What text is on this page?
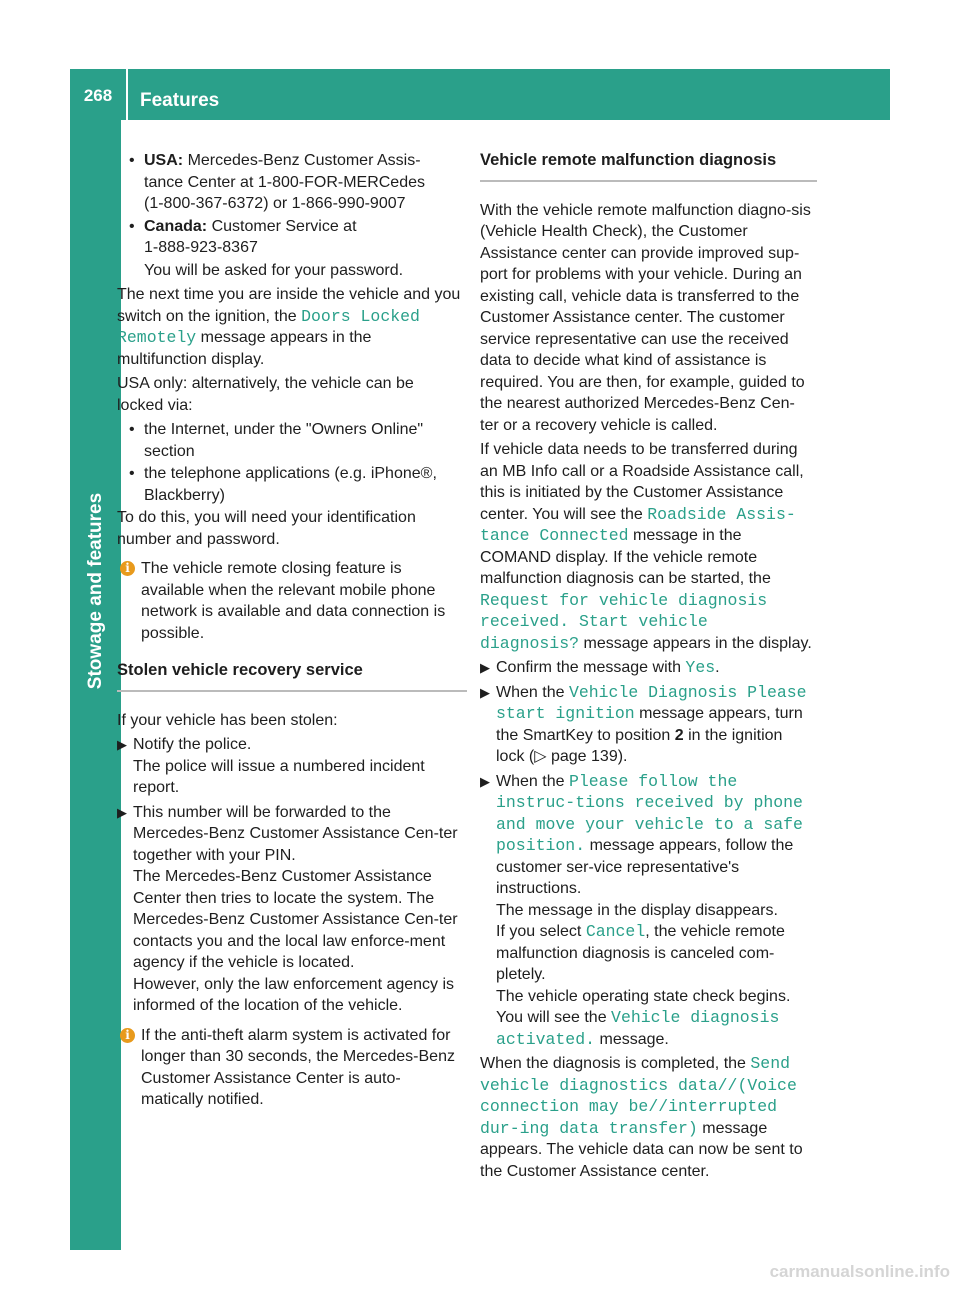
268	Features
Stowage and features

• USA: Mercedes-Benz Customer Assis-
tance Center at 1-800-FOR-MERCedes
(1-800-367-6372) or 1-866-990-9007

• Canada: Customer Service at
1-888-923-8367

You will be asked for your password.

The next time you are inside the vehicle and you switch on the ignition, the Doors Locked Remotely message appears in the multifunction display.

USA only: alternatively, the vehicle can be locked via:

• the Internet, under the "Owners Online" section

• the telephone applications (e.g. iPhone®, Blackberry)

To do this, you will need your identification number and password.

i The vehicle remote closing feature is available when the relevant mobile phone network is available and data connection is possible.
Stolen vehicle recovery service

If your vehicle has been stolen:

▶ Notify the police.
The police will issue a numbered incident report.
▶ This number will be forwarded to the Mercedes-Benz Customer Assistance Cen-ter together with your PIN.
The Mercedes-Benz Customer Assistance Center then tries to locate the system. The Mercedes-Benz Customer Assistance Cen-ter contacts you and the local law enforce-ment agency if the vehicle is located.
However, only the law enforcement agency is informed of the location of the vehicle.
i If the anti-theft alarm system is activated for longer than 30 seconds, the Mercedes-Benz Customer Assistance Center is auto-matically notified.
Vehicle remote malfunction diagnosis

With the vehicle remote malfunction diagno-sis (Vehicle Health Check), the Customer Assistance center can provide improved sup-port for problems with your vehicle. During an existing call, vehicle data is transferred to the Customer Assistance center. The customer service representative can use the received data to decide what kind of assistance is required. You are then, for example, guided to the nearest authorized Mercedes-Benz Cen-ter or a recovery vehicle is called.

If vehicle data needs to be transferred during an MB Info call or a Roadside Assistance call, this is initiated by the Customer Assistance center. You will see the Roadside Assis-tance Connected message in the COMAND display. If the vehicle remote malfunction diagnosis can be started, the Request for vehicle diagnosis received. Start vehicle diagnosis? message appears in the display.

▶ Confirm the message with Yes.
▶ When the Vehicle Diagnosis Please start ignition message appears, turn the SmartKey to position 2 in the ignition lock (▷ page 139).
▶ When the Please follow the instruc-tions received by phone and move your vehicle to a safe position. message appears, follow the customer ser-vice representative's instructions.
The message in the display disappears.
If you select Cancel, the vehicle remote malfunction diagnosis is canceled com-pletely.
The vehicle operating state check begins. You will see the Vehicle diagnosis activated. message.

When the diagnosis is completed, the Send vehicle diagnostics data//(Voice connection may be//interrupted dur-ing data transfer) message appears. The vehicle data can now be sent to the Customer Assistance center.

carmanualsonline.info
